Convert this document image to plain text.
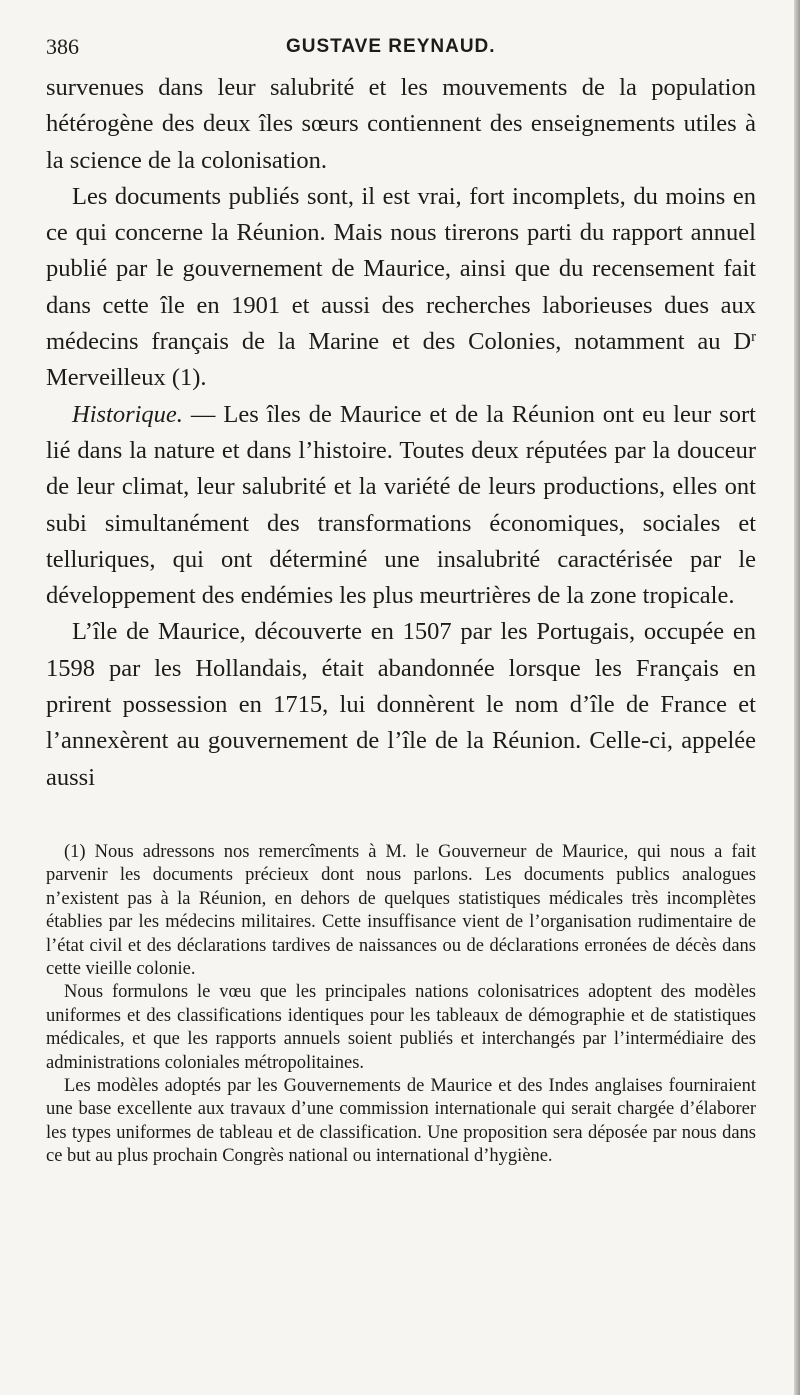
386	GUSTAVE REYNAUD.

survenues dans leur salubrité et les mouvements de la population hétérogène des deux îles sœurs contiennent des enseignements utiles à la science de la colonisation.

Les documents publiés sont, il est vrai, fort incomplets, du moins en ce qui concerne la Réunion. Mais nous tirerons parti du rapport annuel publié par le gouvernement de Maurice, ainsi que du recensement fait dans cette île en 1901 et aussi des recherches laborieuses dues aux médecins français de la Marine et des Colonies, notamment au $D^r$ Merveilleux (1).

Historique. — Les îles de Maurice et de la Réunion ont eu leur sort lié dans la nature et dans l’histoire. Toutes deux réputées par la douceur de leur climat, leur salubrité et la variété de leurs productions, elles ont subi simultanément des transformations économiques, sociales et telluriques, qui ont déterminé une insalubrité caractérisée par le développement des endémies les plus meurtrières de la zone tropicale.

L’île de Maurice, découverte en 1507 par les Portugais, occupée en 1598 par les Hollandais, était abandonnée lorsque les Français en prirent possession en 1715, lui donnèrent le nom d’île de France et l’annexèrent au gouvernement de l’île de la Réunion. Celle-ci, appelée aussi

(1) Nous adressons nos remercîments à M. le Gouverneur de Maurice, qui nous a fait parvenir les documents précieux dont nous parlons. Les documents publics analogues n’existent pas à la Réunion, en dehors de quelques statistiques médicales très incomplètes établies par les médecins militaires. Cette insuffisance vient de l’organisation rudimentaire de l’état civil et des déclarations tardives de naissances ou de déclarations erronées de décès dans cette vieille colonie.

Nous formulons le vœu que les principales nations colonisatrices adoptent des modèles uniformes et des classifications identiques pour les tableaux de démographie et de statistiques médicales, et que les rapports annuels soient publiés et interchangés par l’intermédiaire des administrations coloniales métropolitaines.

Les modèles adoptés par les Gouvernements de Maurice et des Indes anglaises fourniraient une base excellente aux travaux d’une commission internationale qui serait chargée d’élaborer les types uniformes de tableau et de classification. Une proposition sera déposée par nous dans ce but au plus prochain Congrès national ou international d’hygiène.
